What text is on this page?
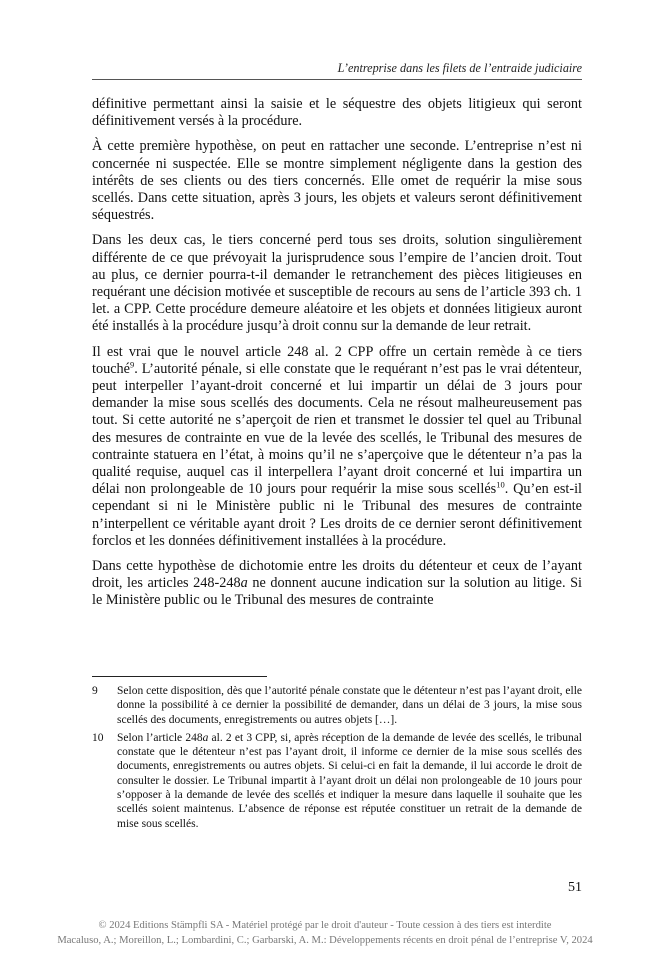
L’entreprise dans les filets de l’entraide judiciaire

définitive permettant ainsi la saisie et le séquestre des objets litigieux qui seront définitivement versés à la procédure.

À cette première hypothèse, on peut en rattacher une seconde. L’entreprise n’est ni concernée ni suspectée. Elle se montre simplement négligente dans la gestion des intérêts de ses clients ou des tiers concernés. Elle omet de requérir la mise sous scellés. Dans cette situation, après 3 jours, les objets et valeurs seront définitivement séquestrés.

Dans les deux cas, le tiers concerné perd tous ses droits, solution singulièrement différente de ce que prévoyait la jurisprudence sous l’empire de l’ancien droit. Tout au plus, ce dernier pourra-t-il demander le retranchement des pièces litigieuses en requérant une décision motivée et susceptible de recours au sens de l’article 393 ch. 1 let. a CPP. Cette procédure demeure aléatoire et les objets et données litigieux auront été installés à la procédure jusqu’à droit connu sur la demande de leur retrait.

Il est vrai que le nouvel article 248 al. 2 CPP offre un certain remède à ce tiers touché$^9$. L’autorité pénale, si elle constate que le requérant n’est pas le vrai détenteur, peut interpeller l’ayant-droit concerné et lui impartir un délai de 3 jours pour demander la mise sous scellés des documents. Cela ne résout malheureusement pas tout. Si cette autorité ne s’aperçoit de rien et transmet le dossier tel quel au Tribunal des mesures de contrainte en vue de la levée des scellés, le Tribunal des mesures de contrainte statuera en l’état, à moins qu’il ne s’aperçoive que le détenteur n’a pas la qualité requise, auquel cas il interpellera l’ayant droit concerné et lui impartira un délai non prolongeable de 10 jours pour requérir la mise sous scellés$^{10}$. Qu’en est-il cependant si ni le Ministère public ni le Tribunal des mesures de contrainte n’interpellent ce véritable ayant droit ? Les droits de ce dernier seront définitivement forclos et les données définitivement installées à la procédure.

Dans cette hypothèse de dichotomie entre les droits du détenteur et ceux de l’ayant droit, les articles 248-248a ne donnent aucune indication sur la solution au litige. Si le Ministère public ou le Tribunal des mesures de contrainte

9	Selon cette disposition, dès que l’autorité pénale constate que le détenteur n’est pas l’ayant droit, elle donne la possibilité à ce dernier la possibilité de demander, dans un délai de 3 jours, la mise sous scellés des documents, enregistrements ou autres objets […].
10	Selon l’article 248a al. 2 et 3 CPP, si, après réception de la demande de levée des scellés, le tribunal constate que le détenteur n’est pas l’ayant droit, il informe ce dernier de la mise sous scellés des documents, enregistrements ou autres objets. Si celui-ci en fait la demande, il lui accorde le droit de consulter le dossier. Le Tribunal impartit à l’ayant droit un délai non prolongeable de 10 jours pour s’opposer à la demande de levée des scellés et indiquer la mesure dans laquelle il souhaite que les scellés soient maintenus. L’absence de réponse est réputée constituer un retrait de la demande de mise sous scellés.
51
© 2024 Editions Stämpfli SA - Matériel protégé par le droit d'auteur - Toute cession à des tiers est interdite
Macaluso, A.; Moreillon, L.; Lombardini, C.; Garbarski, A. M.: Développements récents en droit pénal de l’entreprise V, 2024
